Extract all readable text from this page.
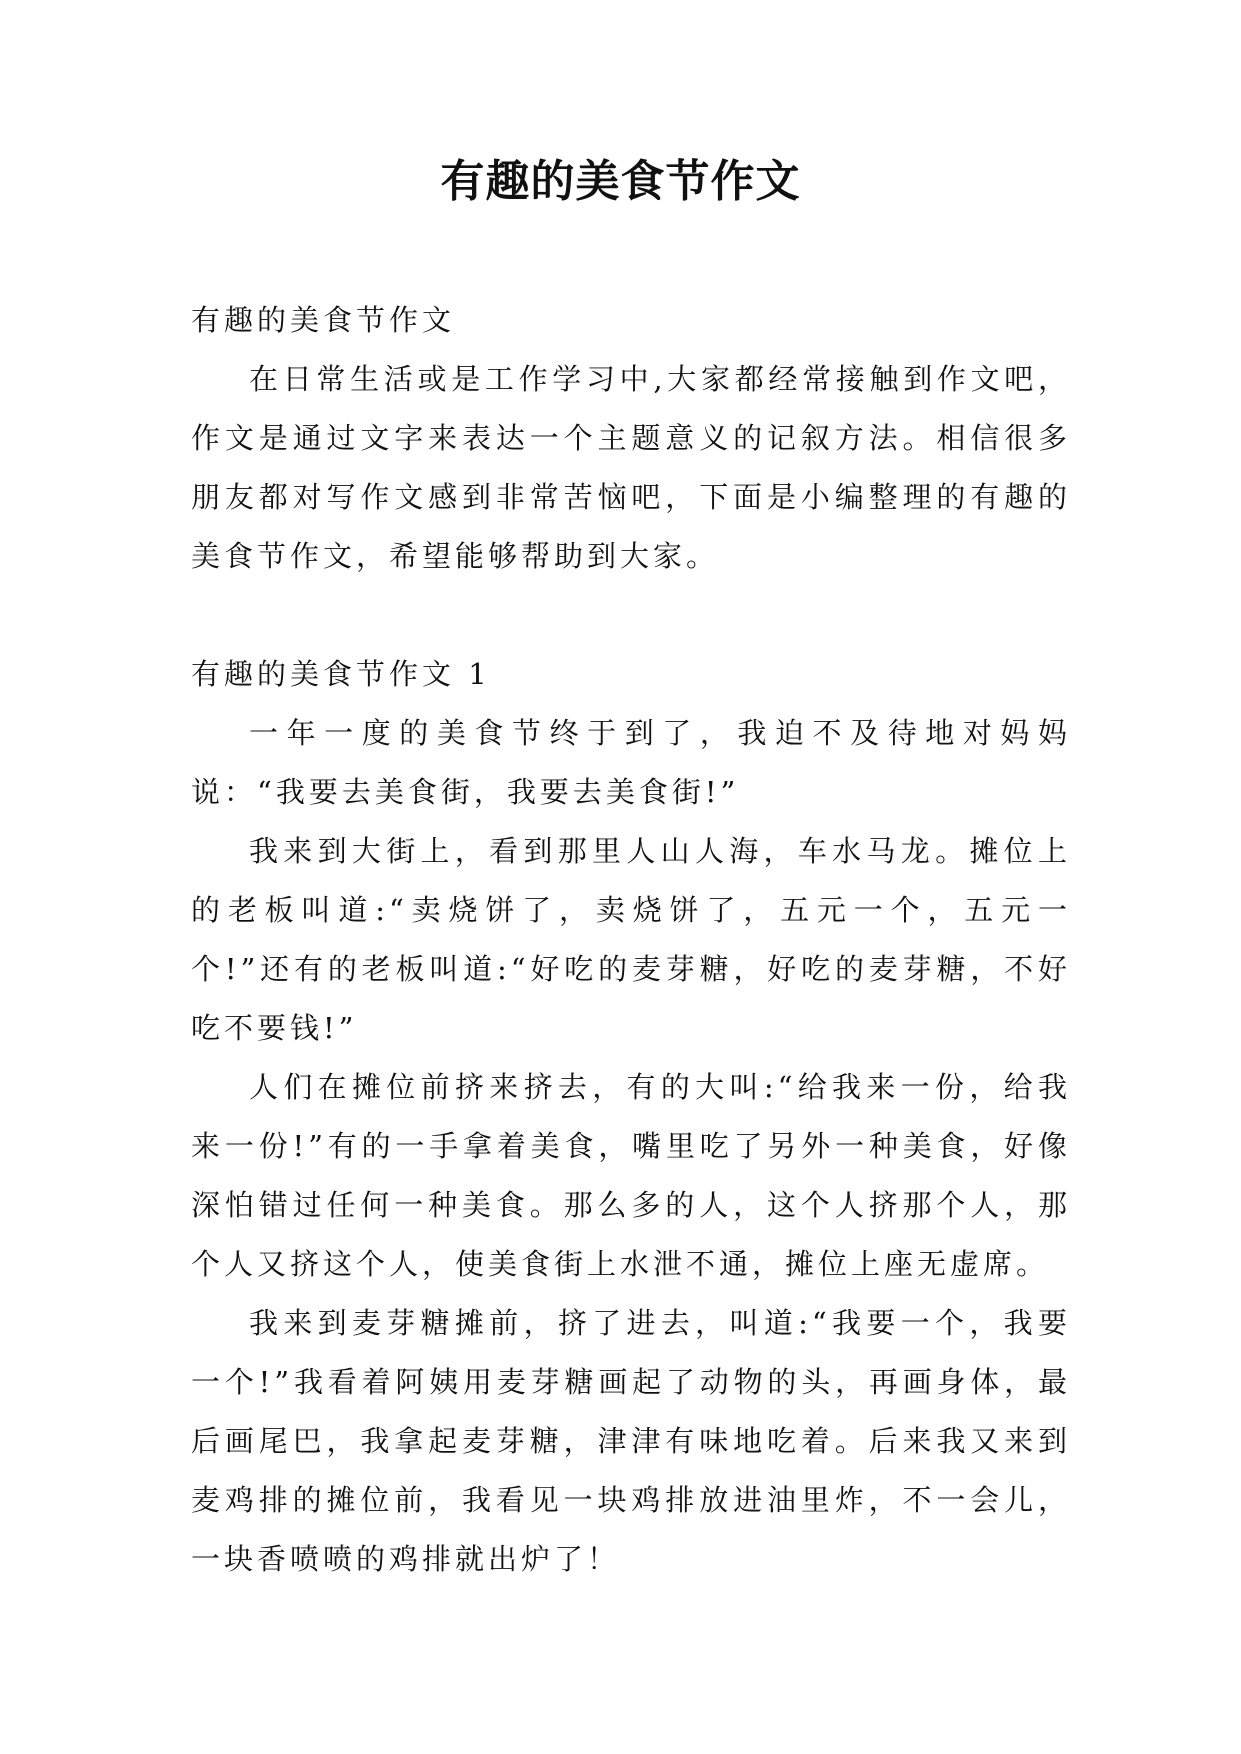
有趣的美食节作文

有趣的美食节作文

在日常生活或是工作学习中,大家都经常接触到作文吧，作文是通过文字来表达一个主题意义的记叙方法。相信很多朋友都对写作文感到非常苦恼吧，下面是小编整理的有趣的美食节作文，希望能够帮助到大家。

有趣的美食节作文 1

一年一度的美食节终于到了，我迫不及待地对妈妈说：“我要去美食街，我要去美食街!”

我来到大街上，看到那里人山人海，车水马龙。摊位上的老板叫道:“卖烧饼了，卖烧饼了，五元一个，五元一个!”还有的老板叫道:“好吃的麦芽糖，好吃的麦芽糖，不好吃不要钱!”

人们在摊位前挤来挤去，有的大叫:“给我来一份，给我来一份!”有的一手拿着美食，嘴里吃了另外一种美食，好像深怕错过任何一种美食。那么多的人，这个人挤那个人，那个人又挤这个人，使美食街上水泄不通，摊位上座无虚席。

我来到麦芽糖摊前，挤了进去，叫道:“我要一个，我要一个!”我看着阿姨用麦芽糖画起了动物的头，再画身体，最后画尾巴，我拿起麦芽糖，津津有味地吃着。后来我又来到麦鸡排的摊位前，我看见一块鸡排放进油里炸，不一会儿，一块香喷喷的鸡排就出炉了！
